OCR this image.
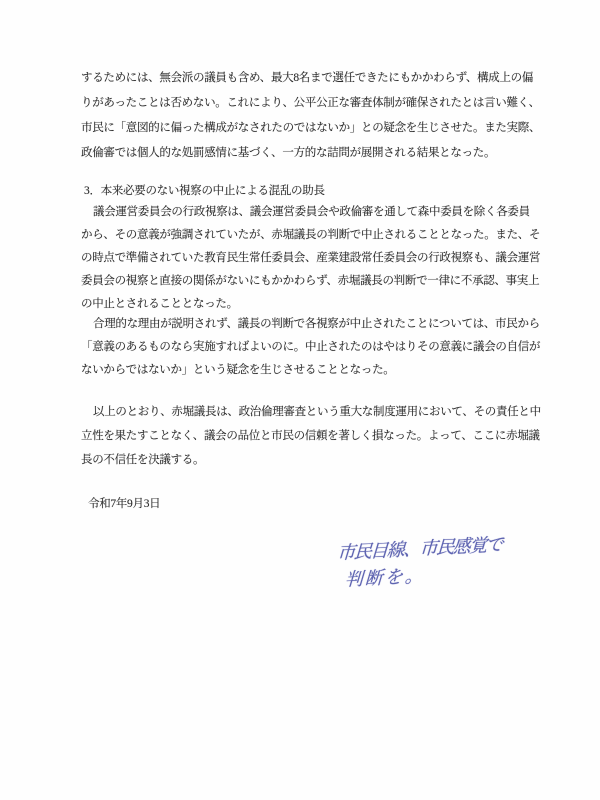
するためには、無会派の議員も含め、最大8名まで選任できたにもかかわらず、構成上の偏
りがあったことは否めない。これにより、公平公正な審査体制が確保されたとは言い難く、
市民に「意図的に偏った構成がなされたのではないか」との疑念を生じさせた。また実際、
政倫審では個人的な処罰感情に基づく、一方的な詰問が展開される結果となった。
3．本来必要のない視察の中止による混乱の助長
議会運営委員会の行政視察は、議会運営委員会や政倫審を通して森中委員を除く各委員
から、その意義が強調されていたが、赤堀議長の判断で中止されることとなった。また、そ
の時点で準備されていた教育民生常任委員会、産業建設常任委員会の行政視察も、議会運営
委員会の視察と直接の関係がないにもかかわらず、赤堀議長の判断で一律に不承認、事実上
の中止とされることとなった。
合理的な理由が説明されず、議長の判断で各視察が中止されたことについては、市民から
「意義のあるものなら実施すればよいのに。中止されたのはやはりその意義に議会の自信が
ないからではないか」という疑念を生じさせることとなった。
以上のとおり、赤堀議長は、政治倫理審査という重大な制度運用において、その責任と中
立性を果たすことなく、議会の品位と市民の信頼を著しく損なった。よって、ここに赤堀議
長の不信任を決議する。
令和7年9月3日
市民目線、市民感覚で
判断を。
